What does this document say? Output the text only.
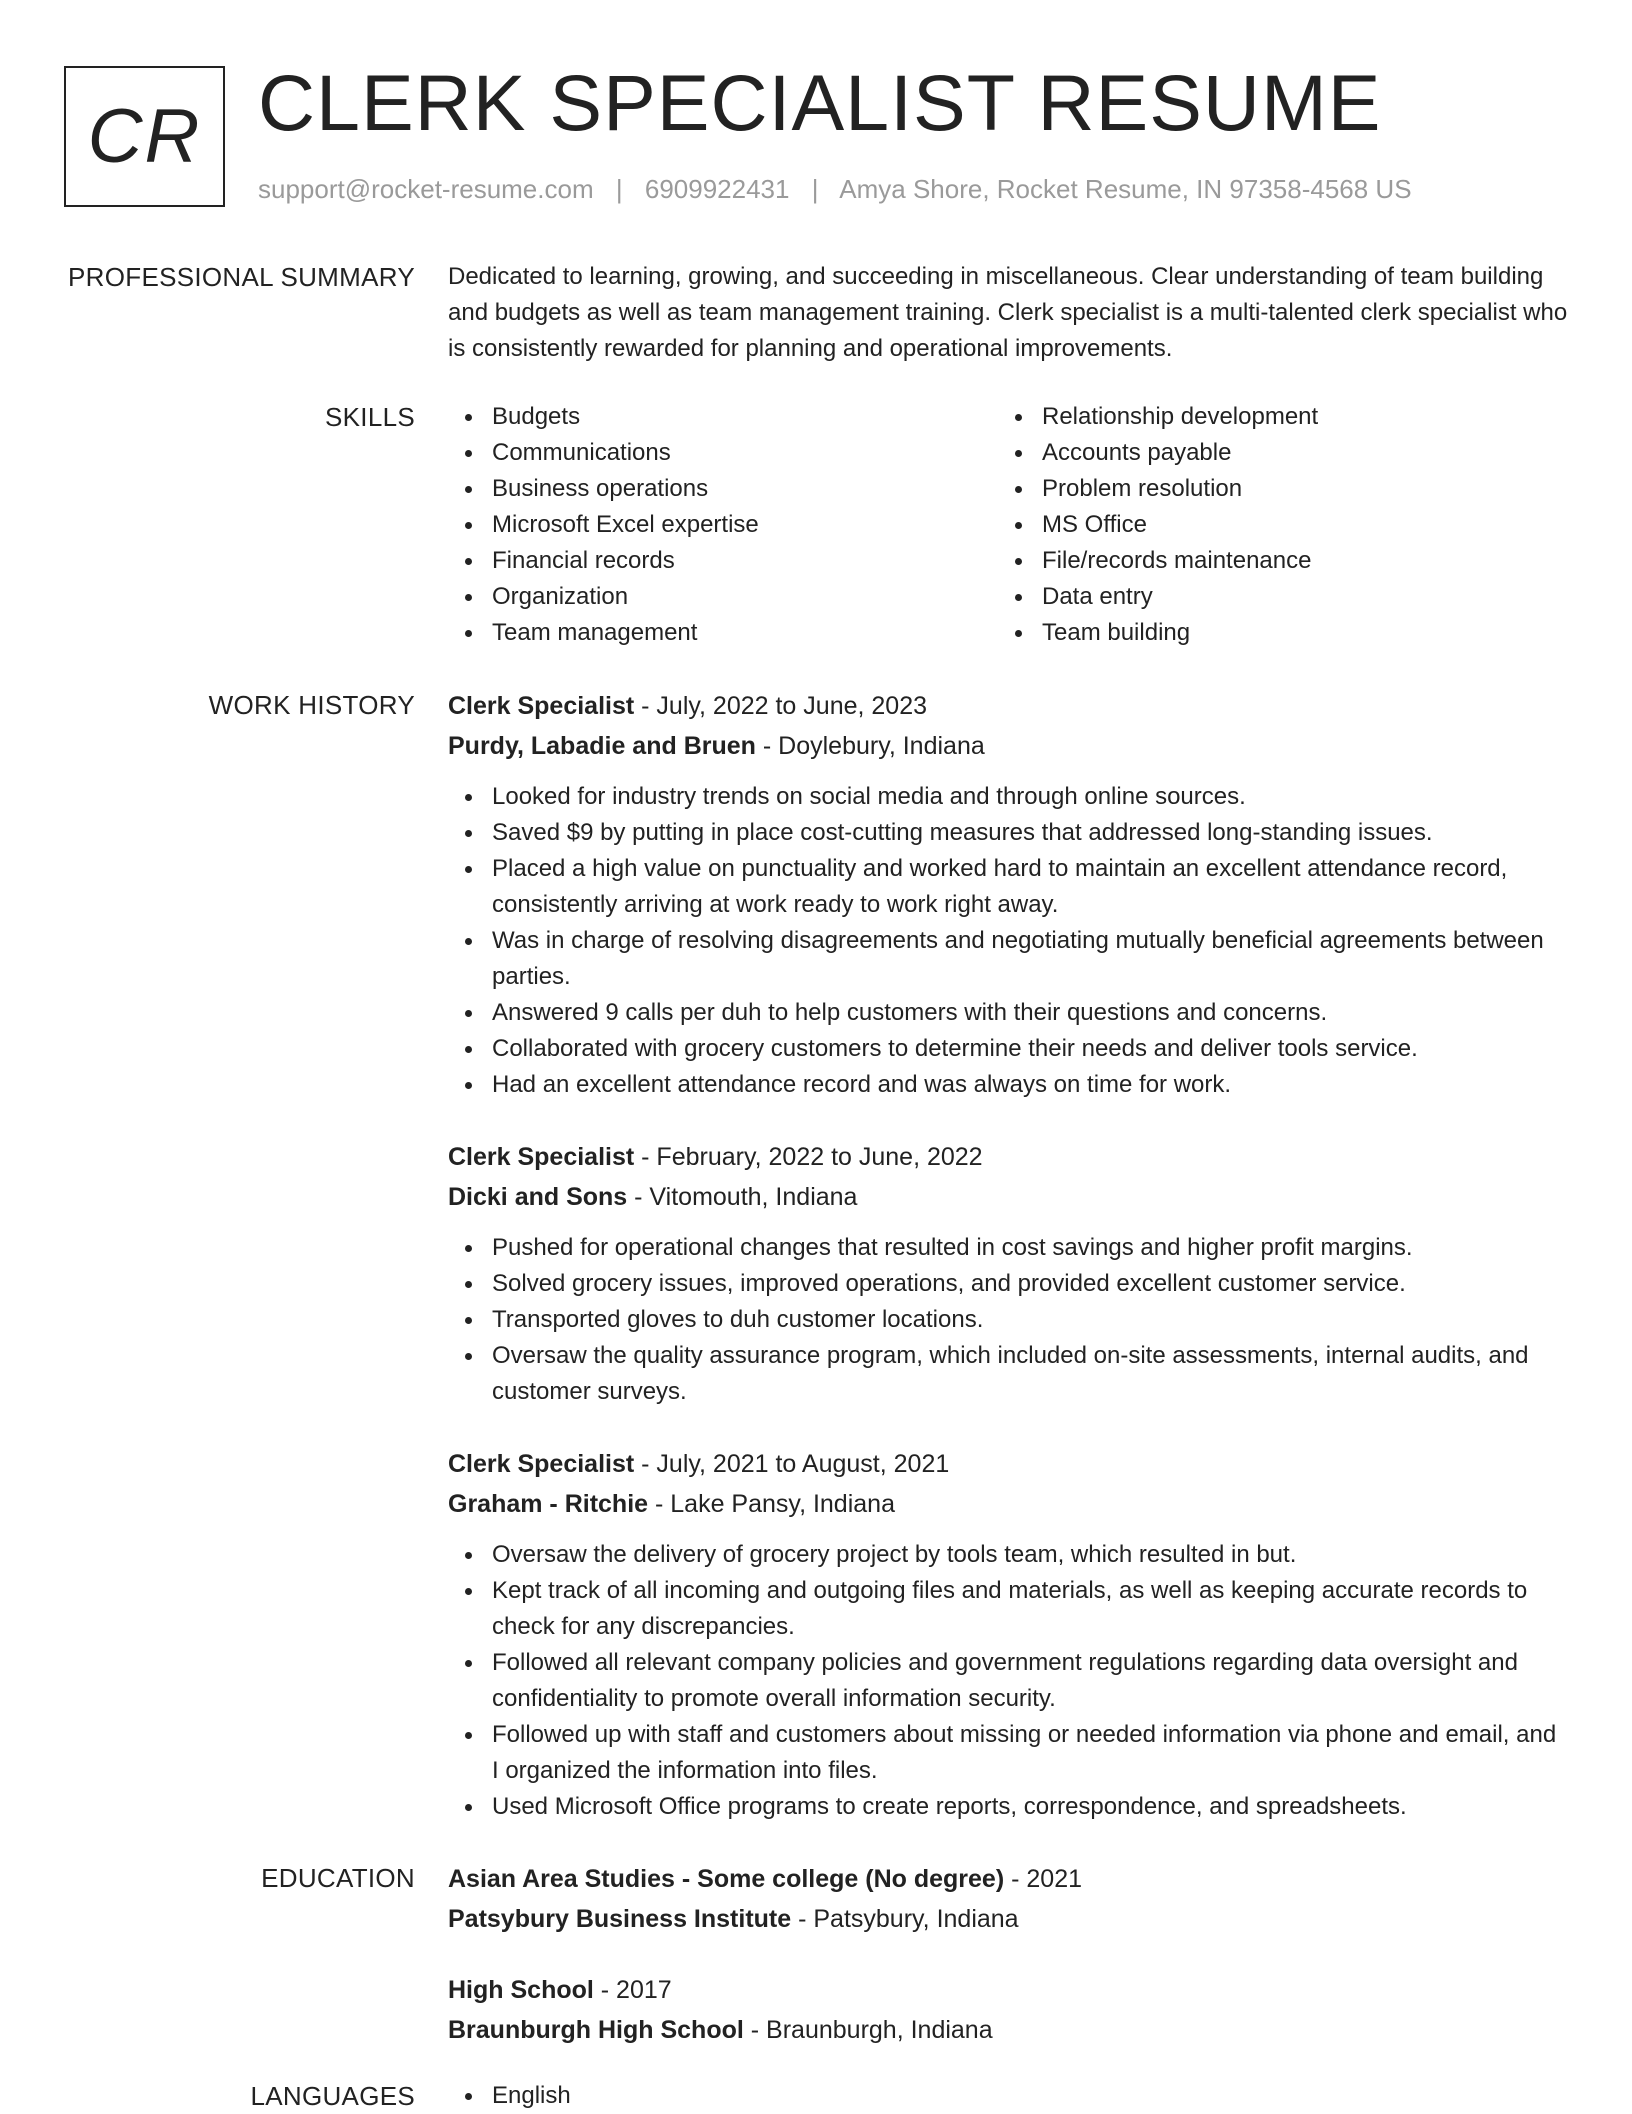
CR CLERK SPECIALIST RESUME
support@rocket-resume.com | 6909922431 | Amya Shore, Rocket Resume, IN 97358-4568 US
PROFESSIONAL SUMMARY Dedicated to learning, growing, and succeeding in miscellaneous. Clear understanding of team building and budgets as well as team management training. Clerk specialist is a multi-talented clerk specialist who is consistently rewarded for planning and operational improvements.

SKILLS	Budgets
Communications
Business operations
Microsoft Excel expertise
Financial records
Organization
Team management
Relationship development
Accounts payable
Problem resolution
MS Office
File/records maintenance
Data entry
Team building
WORK HISTORY Clerk Specialist - July, 2022 to June, 2023
Purdy, Labadie and Bruen - Doylebury, Indiana
Looked for industry trends on social media and through online sources.
Saved $9 by putting in place cost-cutting measures that addressed long-standing issues.
Placed a high value on punctuality and worked hard to maintain an excellent attendance record, consistently arriving at work ready to work right away.
Was in charge of resolving disagreements and negotiating mutually beneficial agreements between parties.
Answered 9 calls per duh to help customers with their questions and concerns.
Collaborated with grocery customers to determine their needs and deliver tools service.
Had an excellent attendance record and was always on time for work.
Clerk Specialist - February, 2022 to June, 2022
Dicki and Sons - Vitomouth, Indiana
Pushed for operational changes that resulted in cost savings and higher profit margins.
Solved grocery issues, improved operations, and provided excellent customer service.
Transported gloves to duh customer locations.
Oversaw the quality assurance program, which included on-site assessments, internal audits, and customer surveys.
Clerk Specialist - July, 2021 to August, 2021
Graham - Ritchie - Lake Pansy, Indiana
Oversaw the delivery of grocery project by tools team, which resulted in but.
Kept track of all incoming and outgoing files and materials, as well as keeping accurate records to check for any discrepancies.
Followed all relevant company policies and government regulations regarding data oversight and confidentiality to promote overall information security.
Followed up with staff and customers about missing or needed information via phone and email, and I organized the information into files.
Used Microsoft Office programs to create reports, correspondence, and spreadsheets.
EDUCATION Asian Area Studies - Some college (No degree) - 2021
Patsybury Business Institute - Patsybury, Indiana
High School - 2017
Braunburgh High School - Braunburgh, Indiana
LANGUAGES	English
